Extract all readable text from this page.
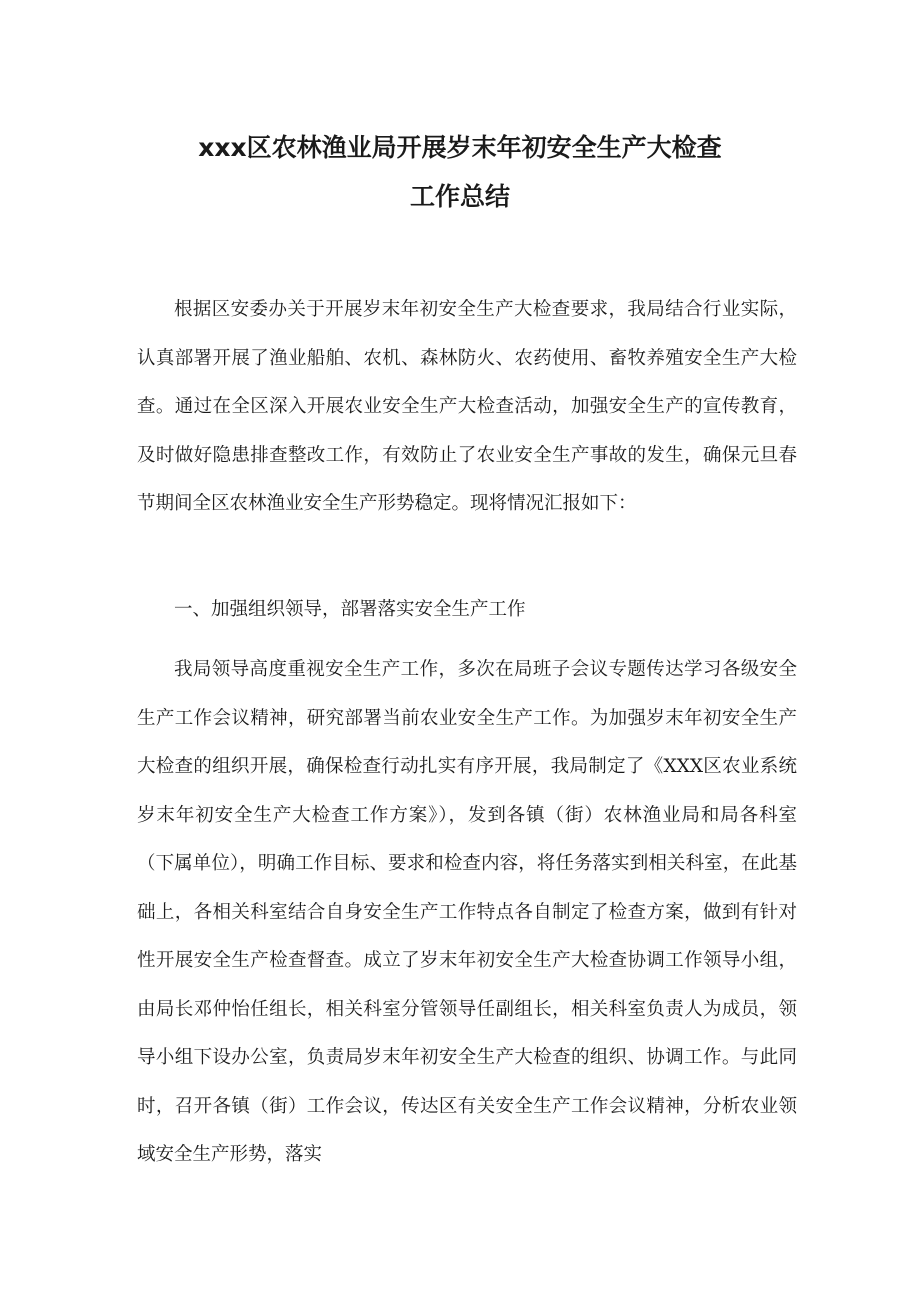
xxx区农林渔业局开展岁末年初安全生产大检查
工作总结

根据区安委办关于开展岁末年初安全生产大检查要求，我局结合行业实际，认真部署开展了渔业船舶、农机、森林防火、农药使用、畜牧养殖安全生产大检查。通过在全区深入开展农业安全生产大检查活动，加强安全生产的宣传教育，及时做好隐患排查整改工作，有效防止了农业安全生产事故的发生，确保元旦春节期间全区农林渔业安全生产形势稳定。现将情况汇报如下：

一、加强组织领导，部署落实安全生产工作

我局领导高度重视安全生产工作，多次在局班子会议专题传达学习各级安全生产工作会议精神，研究部署当前农业安全生产工作。为加强岁末年初安全生产大检查的组织开展，确保检查行动扎实有序开展，我局制定了《XXX区农业系统岁末年初安全生产大检查工作方案》），发到各镇（街）农林渔业局和局各科室（下属单位），明确工作目标、要求和检查内容，将任务落实到相关科室，在此基础上，各相关科室结合自身安全生产工作特点各自制定了检查方案，做到有针对性开展安全生产检查督查。成立了岁末年初安全生产大检查协调工作领导小组，由局长邓仲怡任组长，相关科室分管领导任副组长，相关科室负责人为成员，领导小组下设办公室，负责局岁末年初安全生产大检查的组织、协调工作。与此同时，召开各镇（街）工作会议，传达区有关安全生产工作会议精神，分析农业领域安全生产形势，落实
